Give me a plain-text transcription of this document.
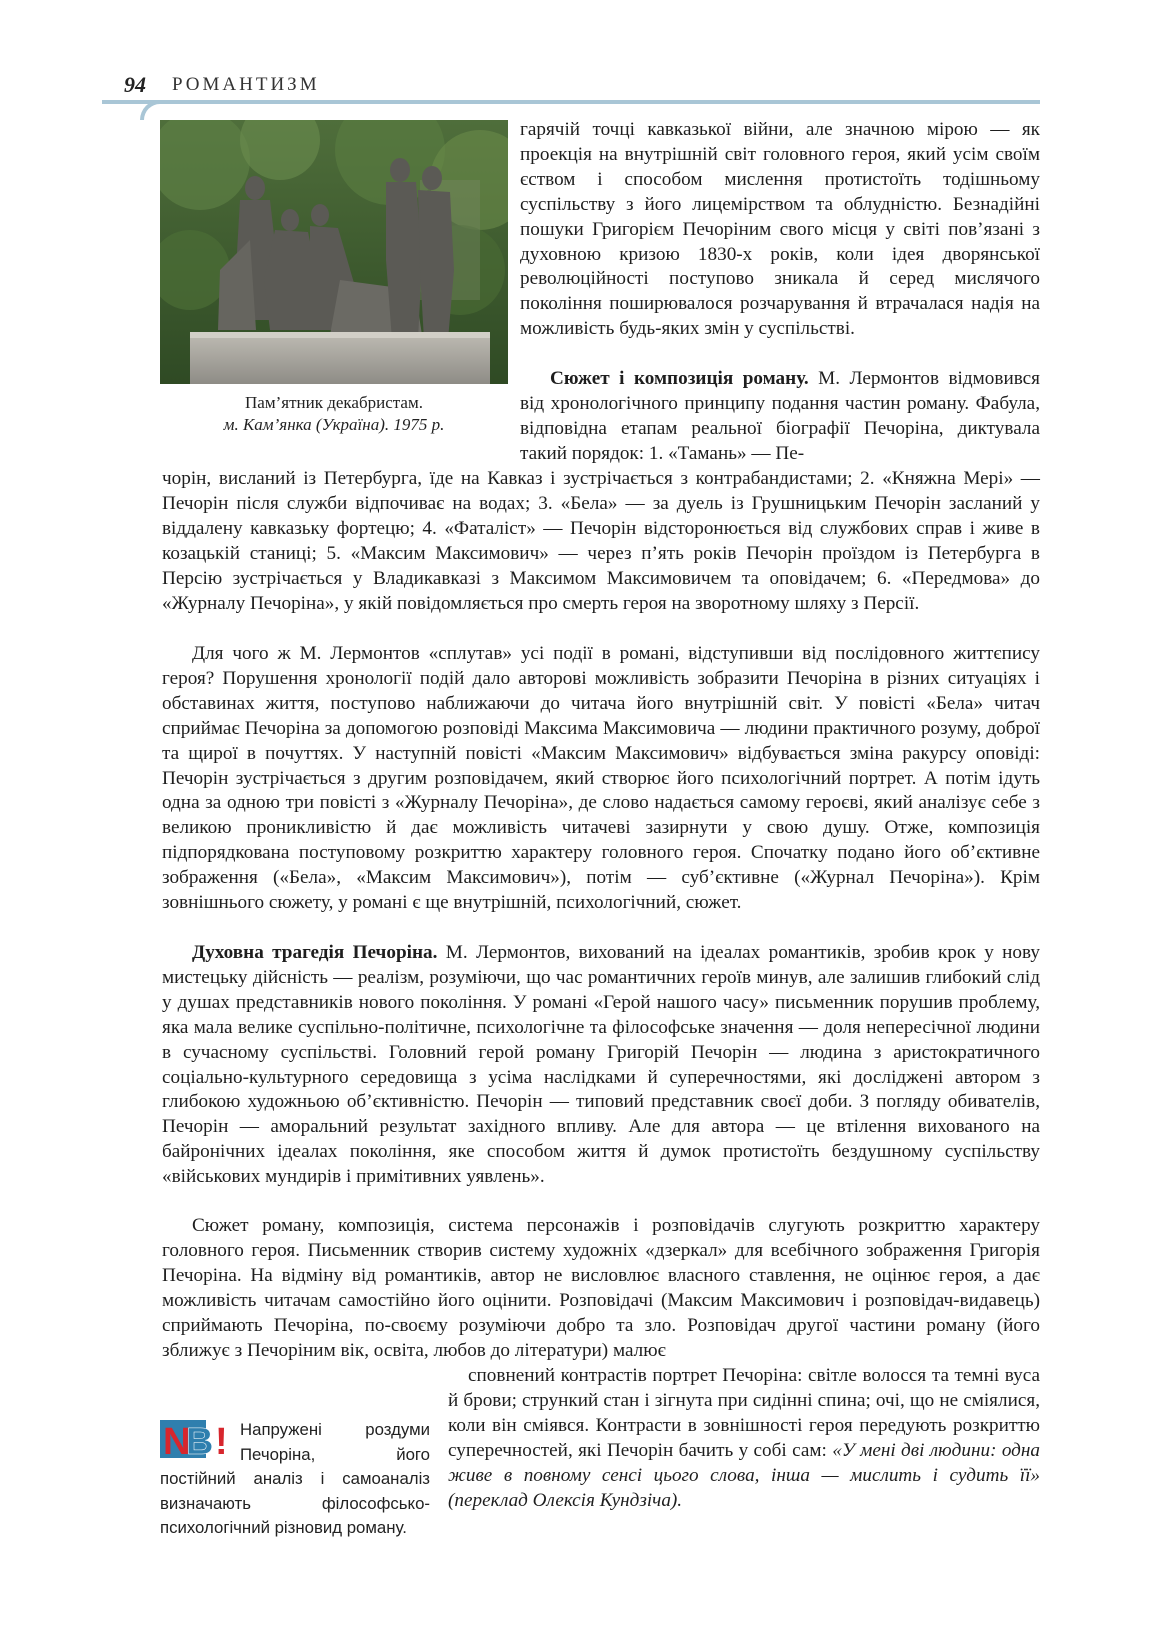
94 РОМАНТИЗМ
Пам’ятник декабристам.
м. Кам’янка (Україна). 1975 р.

гарячій точці кавказької війни, але значною мірою — як проекція на внутрішній світ головного героя, який усім своїм єством і способом мислення протистоїть тодішньому суспільству з його лицемірством та облудністю. Безнадійні пошуки Григорієм Печоріним свого місця у світі пов’язані з духовною кризою 1830-х років, коли ідея дворянської революційності поступово зникала й серед мислячого покоління поширювалося розчарування й втрачалася надія на можливість будь-яких змін у суспільстві.

Сюжет і композиція роману. М. Лермонтов відмовився від хронологічного принципу подання частин роману. Фабула, відповідна етапам реальної біографії Печоріна, диктувала такий порядок: 1. «Тамань» — Пе-

чорін, висланий із Петербурга, їде на Кавказ і зустрічається з контрабандистами; 2. «Княжна Мері» — Печорін після служби відпочиває на водах; 3. «Бела» — за дуель із Грушницьким Печорін засланий у віддалену кавказьку фортецю; 4. «Фаталіст» — Печорін відсторонюється від службових справ і живе в козацькій станиці; 5. «Максим Максимович» — через п’ять років Печорін проїздом із Петербурга в Персію зустрічається у Владикавказі з Максимом Максимовичем та оповідачем; 6. «Передмова» до «Журналу Печоріна», у якій повідомляється про смерть героя на зворотному шляху з Персії.

Для чого ж М. Лермонтов «сплутав» усі події в романі, відступивши від послідовного життєпису героя? Порушення хронології подій дало авторові можливість зобразити Печоріна в різних ситуаціях і обставинах життя, поступово наближаючи до читача його внутрішній світ. У повісті «Бела» читач сприймає Печоріна за допомогою розповіді Максима Максимовича — людини практичного розуму, доброї та щирої в почуттях. У наступній повісті «Максим Максимович» відбувається зміна ракурсу оповіді: Печорін зустрічається з другим розповідачем, який створює його психологічний портрет. А потім ідуть одна за одною три повісті з «Журналу Печоріна», де слово надається самому героєві, який аналізує себе з великою проникливістю й дає можливість читачеві зазирнути у свою душу. Отже, композиція підпорядкована поступовому розкриттю характеру головного героя. Спочатку подано його об’єктивне зображення («Бела», «Максим Максимович»), потім — суб’єктивне («Журнал Печоріна»). Крім зовнішнього сюжету, у романі є ще внутрішній, психологічний, сюжет.

Духовна трагедія Печоріна. М. Лермонтов, вихований на ідеалах романтиків, зробив крок у нову мистецьку дійсність — реалізм, розуміючи, що час романтичних героїв минув, але залишив глибокий слід у душах представників нового покоління. У романі «Герой нашого часу» письменник порушив проблему, яка мала велике суспільно-політичне, психологічне та філософське значення — доля непересічної людини в сучасному суспільстві. Головний герой роману Григорій Печорін — людина з аристократичного соціально-культурного середовища з усіма наслідками й суперечностями, які досліджені автором з глибокою художньою об’єктивністю. Печорін — типовий представник своєї доби. З погляду обивателів, Печорін — аморальний результат західного впливу. Але для автора — це втілення вихованого на байронічних ідеалах покоління, яке способом життя й думок протистоїть бездушному суспільству «військових мундирів і примітивних уявлень».

Сюжет роману, композиція, система персонажів і розповідачів слугують розкриттю характеру головного героя. Письменник створив систему художніх «дзеркал» для всебічного зображення Григорія Печоріна. На відміну від романтиків, автор не висловлює власного ставлення, не оцінює героя, а дає можливість читачам самостійно його оцінити. Розповідачі (Максим Максимович і розповідач-видавець) сприймають Печоріна, по-своєму розуміючи добро та зло. Розповідач другої частини роману (його зближує з Печоріним вік, освіта, любов до літератури) малює

сповнений контрастів портрет Печоріна: світле волосся та темні вуса й брови; стрункий стан і зігнута при сидінні спина; очі, що не сміялися, коли він сміявся. Контрасти в зовнішності героя передують розкриттю суперечностей, які Печорін бачить у собі сам: «У мені дві людини: одна живе в повному сенсі цього слова, інша — мислить і судить її» (переклад Олексія Кундзіча).

N
B ! Напружені роздуми Печоріна, його постійний аналіз і самоаналіз визначають філософсько-психологічний різновид роману.
